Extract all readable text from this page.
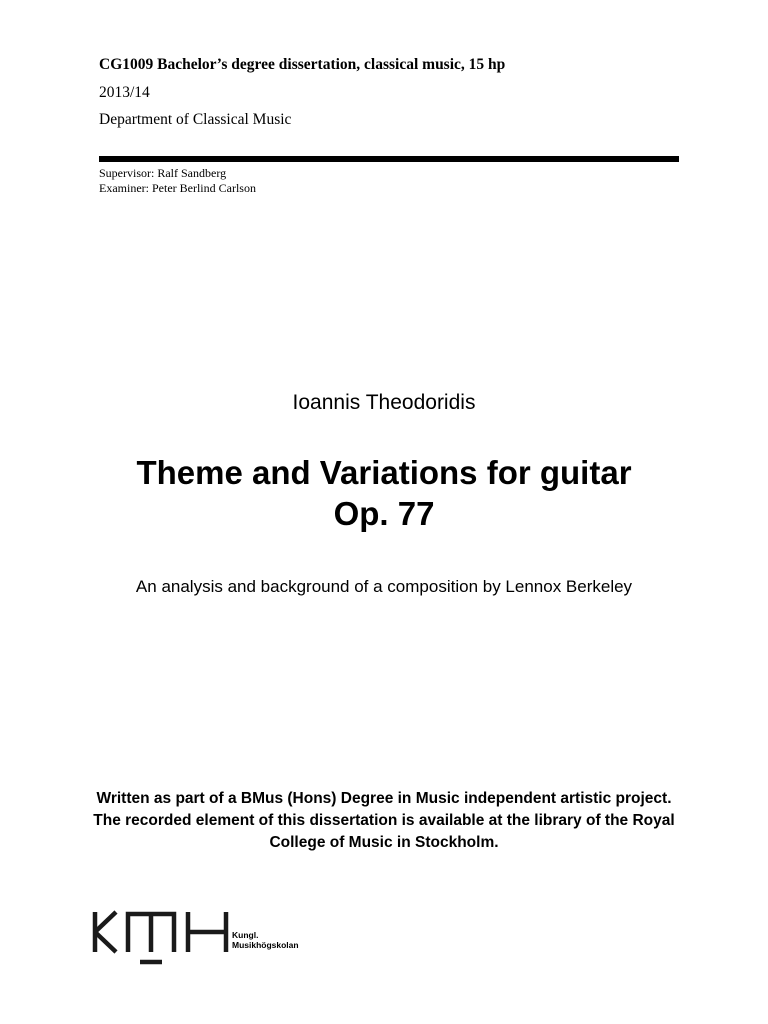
CG1009 Bachelor’s degree dissertation, classical music, 15 hp
2013/14
Department of Classical Music
Supervisor: Ralf Sandberg
Examiner: Peter Berlind Carlson
Ioannis Theodoridis
Theme and Variations for guitar
Op. 77
An analysis and background of a composition by Lennox Berkeley
Written as part of a BMus (Hons) Degree in Music independent artistic project. The recorded element of this dissertation is available at the library of the Royal College of Music in Stockholm.
Kungl.
Musikhögskolan
